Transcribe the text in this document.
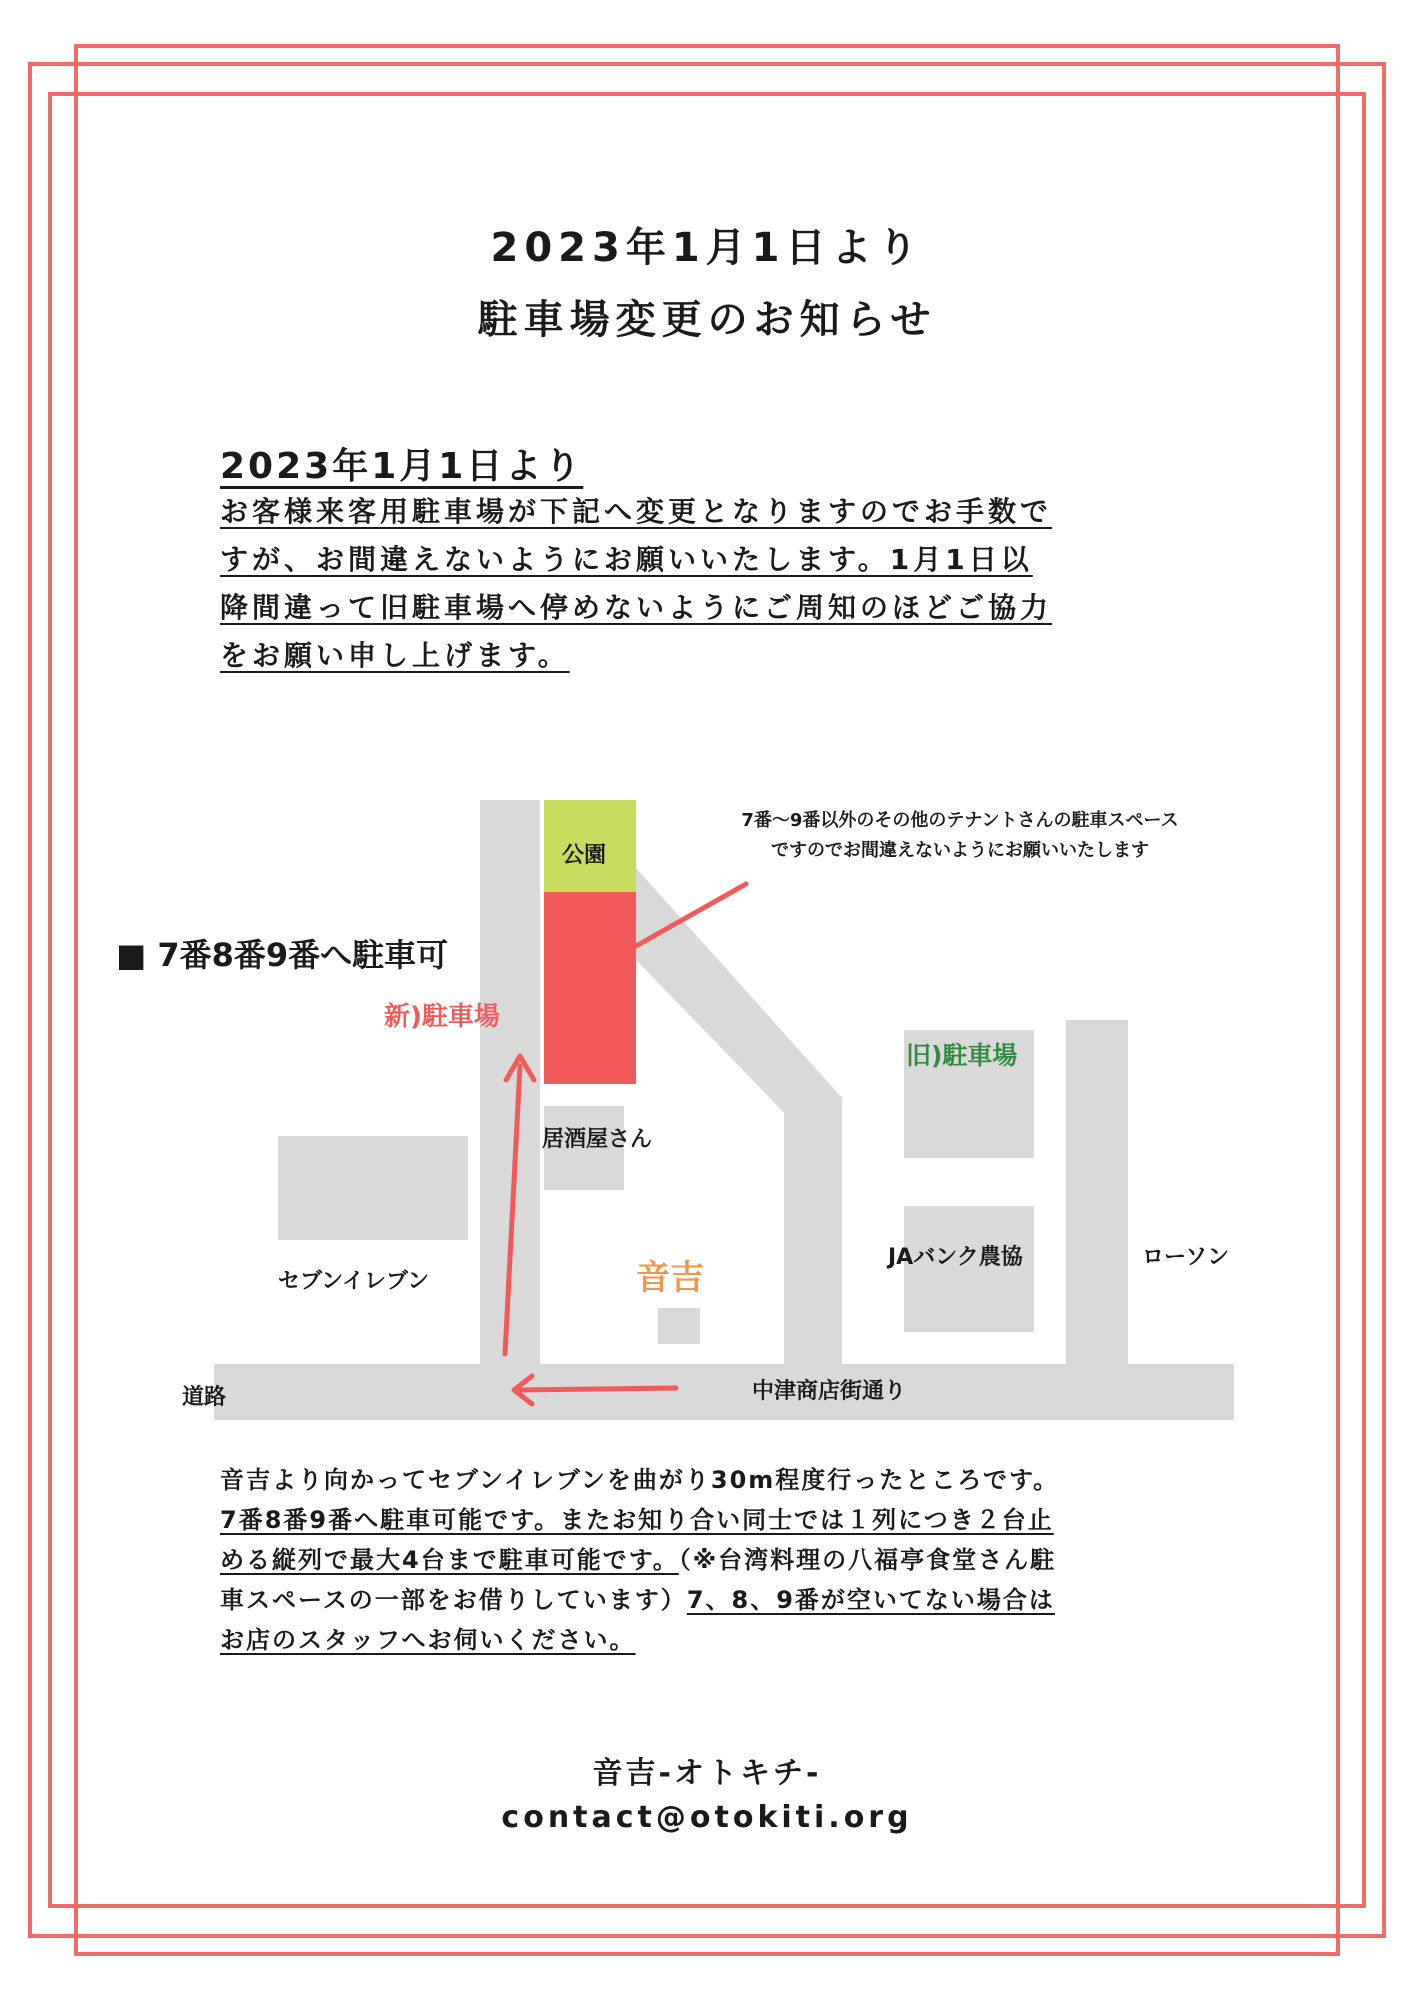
2023年1月1日より
駐車場変更のお知らせ
2023年1月1日より
お客様来客用駐車場が下記へ変更となりますのでお手数で
すが、お間違えないようにお願いいたします。1月1日以
降間違って旧駐車場へ停めないようにご周知のほどご協力
をお願い申し上げます。
公園
■ 7番8番9番へ駐車可
新)駐車場
7番〜9番以外のその他のテナントさんの駐車スペース
ですのでお間違えないようにお願いいたします
旧)駐車場
居酒屋さん
セブンイレブン	音吉
JAバンク農協	ローソン
道路	中津商店街通り
音吉より向かってセブンイレブンを曲がり30m程度行ったところです。
7番8番9番へ駐車可能です。またお知り合い同士では１列につき２台止
める縦列で最大4台まで駐車可能です。（※台湾料理の八福亭食堂さん駐
車スペースの一部をお借りしています）7、8、9番が空いてない場合は
お店のスタッフへお伺いください。
音吉-オトキチ-
contact@otokiti.org
